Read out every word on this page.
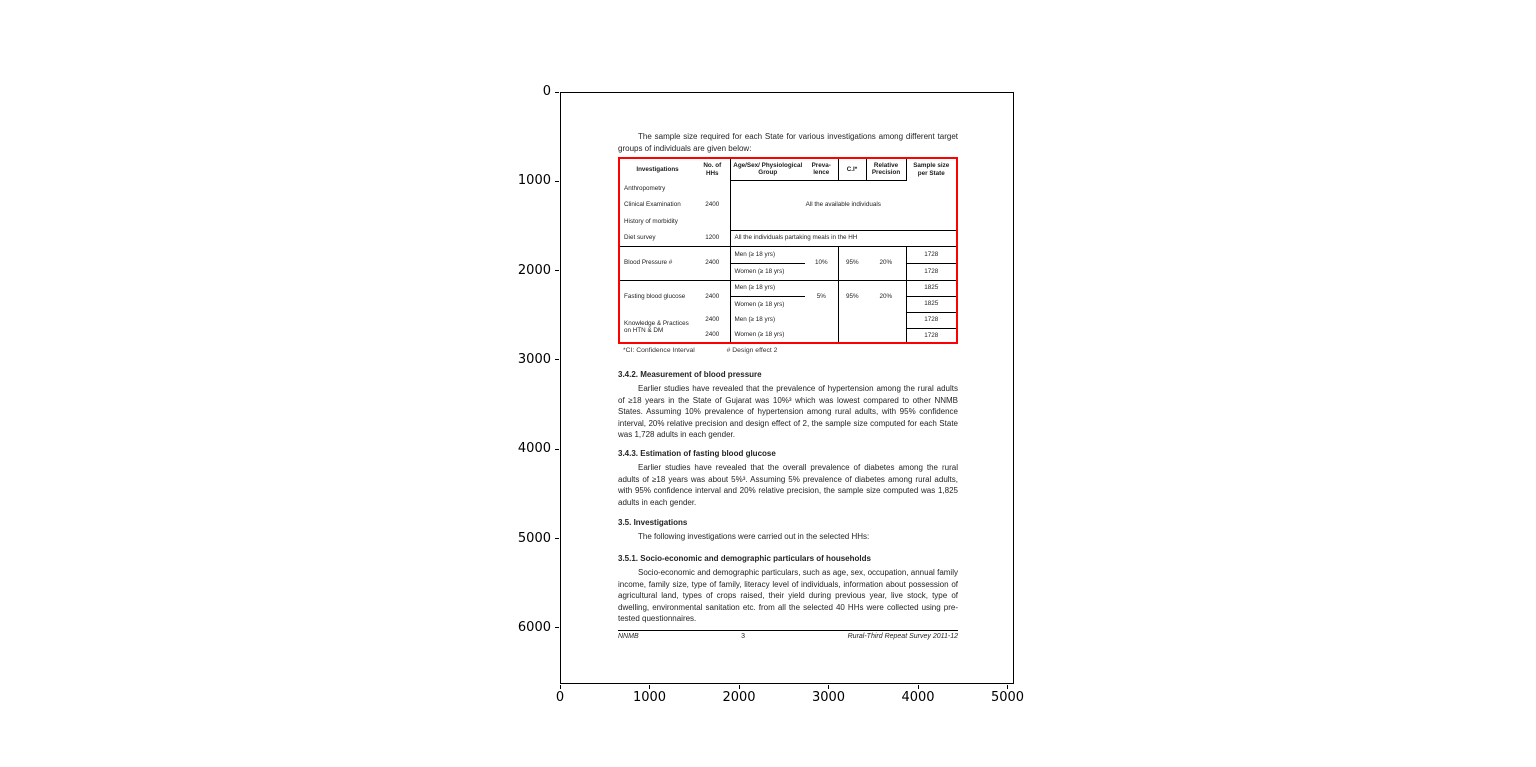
0	1000	2000	3000	4000	5000
0
1000
2000
3000
4000
5000
6000
The sample size required for each State for various investigations among different target groups of individuals are given below:
Investigations	No. of HHs	Age/Sex/ Physiological Group	Preva- lence	C.I*	Relative Precision	Sample size per State
Anthropometry		All the available individuals				
Clinical Examination	2400					
History of morbidity						
Diet survey	1200	All the individuals partaking meals in the HH				
Blood Pressure #	2400	Men (≥ 18 yrs)	10%	95%	20%	1728
		Women (≥ 18 yrs)				1728
Fasting blood glucose	2400	Men (≥ 18 yrs)	5%	95%	20%	1825
		Women (≥ 18 yrs)				1825
Knowledge & Practices on HTN & DM	2400	Men (≥ 18 yrs)				1728
	2400	Women (≥ 18 yrs)				1728
*CI: Confidence Interval	# Design effect 2
3.4.2. Measurement of blood pressure
Earlier studies have revealed that the prevalence of hypertension among the rural adults of ≥18 years in the State of Gujarat was 10%³ which was lowest compared to other NNMB States. Assuming 10% prevalence of hypertension among rural adults, with 95% confidence interval, 20% relative precision and design effect of 2, the sample size computed for each State was 1,728 adults in each gender.
3.4.3. Estimation of fasting blood glucose
Earlier studies have revealed that the overall prevalence of diabetes among the rural adults of ≥18 years was about 5%³. Assuming 5% prevalence of diabetes among rural adults, with 95% confidence interval and 20% relative precision, the sample size computed was 1,825 adults in each gender.
3.5. Investigations
The following investigations were carried out in the selected HHs:
3.5.1. Socio-economic and demographic particulars of households
Socio-economic and demographic particulars, such as age, sex, occupation, annual family income, family size, type of family, literacy level of individuals, information about possession of agricultural land, types of crops raised, their yield during previous year, live stock, type of dwelling, environmental sanitation etc. from all the selected 40 HHs were collected using pre-tested questionnaires.
NNMB	3	Rural-Third Repeat Survey 2011-12
